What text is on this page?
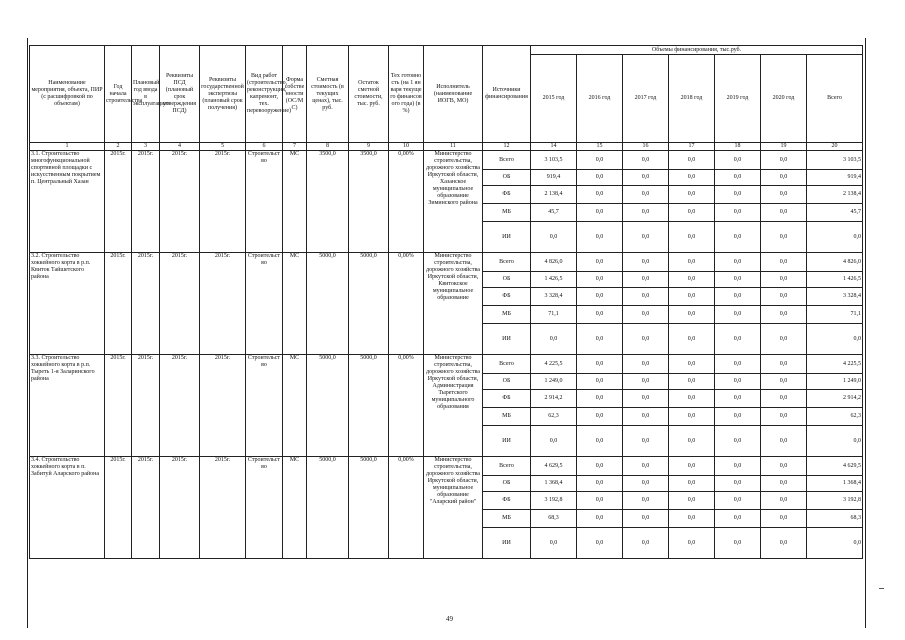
Наименование мероприятия, объекта, ПИР (с расшифровкой по объектам)	Год начала строительства	Плановый год ввода в эксплуатацию	Реквизиты ПСД (плановый срок утверждения ПСД)	Реквизиты государственной экспертизы (плановый срок получения)	Вид работ (строительство, реконструкция, капремонт, тех. перевооружение)	Форма собственности (ОС/МС)	Сметная стоимость (в текущих ценах), тыс. руб.	Остаток сметной стоимости, тыс. руб.	Тех готовность (на 1 января текущего финансового года) (в %)	Исполнитель (наименование ИОГВ, МО)	Источники финансирования	Объемы финансирования, тыс.руб.						
												2015 год	2016 год	2017 год	2018 год	2019 год	2020 год	Всего
1	2	3	4	5	6	7	8	9	10	11	12	14	15	16	17	18	19	20
3.1. Строительство многофункциональной спортивной площадки с искусственным покрытием п. Центральный Хазан	2015г.	2015г.	2015г.	2015г.	Строительство	МС	3500,0	3500,0	0,00%	Министерство строительства, дорожного хозяйства Иркутской области, Хазанское муниципальное образование Зиминского района	Всего	3 103,5	0,0	0,0	0,0	0,0	0,0	3 103,5
											ОБ	919,4	0,0	0,0	0,0	0,0	0,0	919,4
											ФБ	2 138,4	0,0	0,0	0,0	0,0	0,0	2 138,4
											МБ	45,7	0,0	0,0	0,0	0,0	0,0	45,7
											ИИ	0,0	0,0	0,0	0,0	0,0	0,0	0,0
3.2. Строительство хоккейного корта в р.п. Квиток Тайшетского района	2015г.	2015г.	2015г.	2015г.	Строительство	МС	5000,0	5000,0	0,00%	Министерство строительства, дорожного хозяйства Иркутской области, Квитокское муниципальное образование	Всего	4 826,0	0,0	0,0	0,0	0,0	0,0	4 826,0
											ОБ	1 426,5	0,0	0,0	0,0	0,0	0,0	1 426,5
											ФБ	3 328,4	0,0	0,0	0,0	0,0	0,0	3 328,4
											МБ	71,1	0,0	0,0	0,0	0,0	0,0	71,1
											ИИ	0,0	0,0	0,0	0,0	0,0	0,0	0,0
3.3. Строительство хоккейного корта в р.п. Тыреть 1-я Заларинского района	2015г.	2015г.	2015г.	2015г.	Строительство	МС	5000,0	5000,0	0,00%	Министерство строительства, дорожного хозяйства Иркутской области, Администрация Тыретского муниципального образования	Всего	4 225,5	0,0	0,0	0,0	0,0	0,0	4 225,5
											ОБ	1 249,0	0,0	0,0	0,0	0,0	0,0	1 249,0
											ФБ	2 914,2	0,0	0,0	0,0	0,0	0,0	2 914,2
											МБ	62,3	0,0	0,0	0,0	0,0	0,0	62,3
											ИИ	0,0	0,0	0,0	0,0	0,0	0,0	0,0
3.4. Строительство хоккейного корта в п. Забитуй Аларского района	2015г.	2015г.	2015г.	2015г.	Строительство	МС	5000,0	5000,0	0,00%	Министерство строительства, дорожного хозяйства Иркутской области, муниципальное образование "Аларский район"	Всего	4 629,5	0,0	0,0	0,0	0,0	0,0	4 629,5
											ОБ	1 368,4	0,0	0,0	0,0	0,0	0,0	1 368,4
											ФБ	3 192,8	0,0	0,0	0,0	0,0	0,0	3 192,8
											МБ	68,3	0,0	0,0	0,0	0,0	0,0	68,3
											ИИ	0,0	0,0	0,0	0,0	0,0	0,0	0,0
49
